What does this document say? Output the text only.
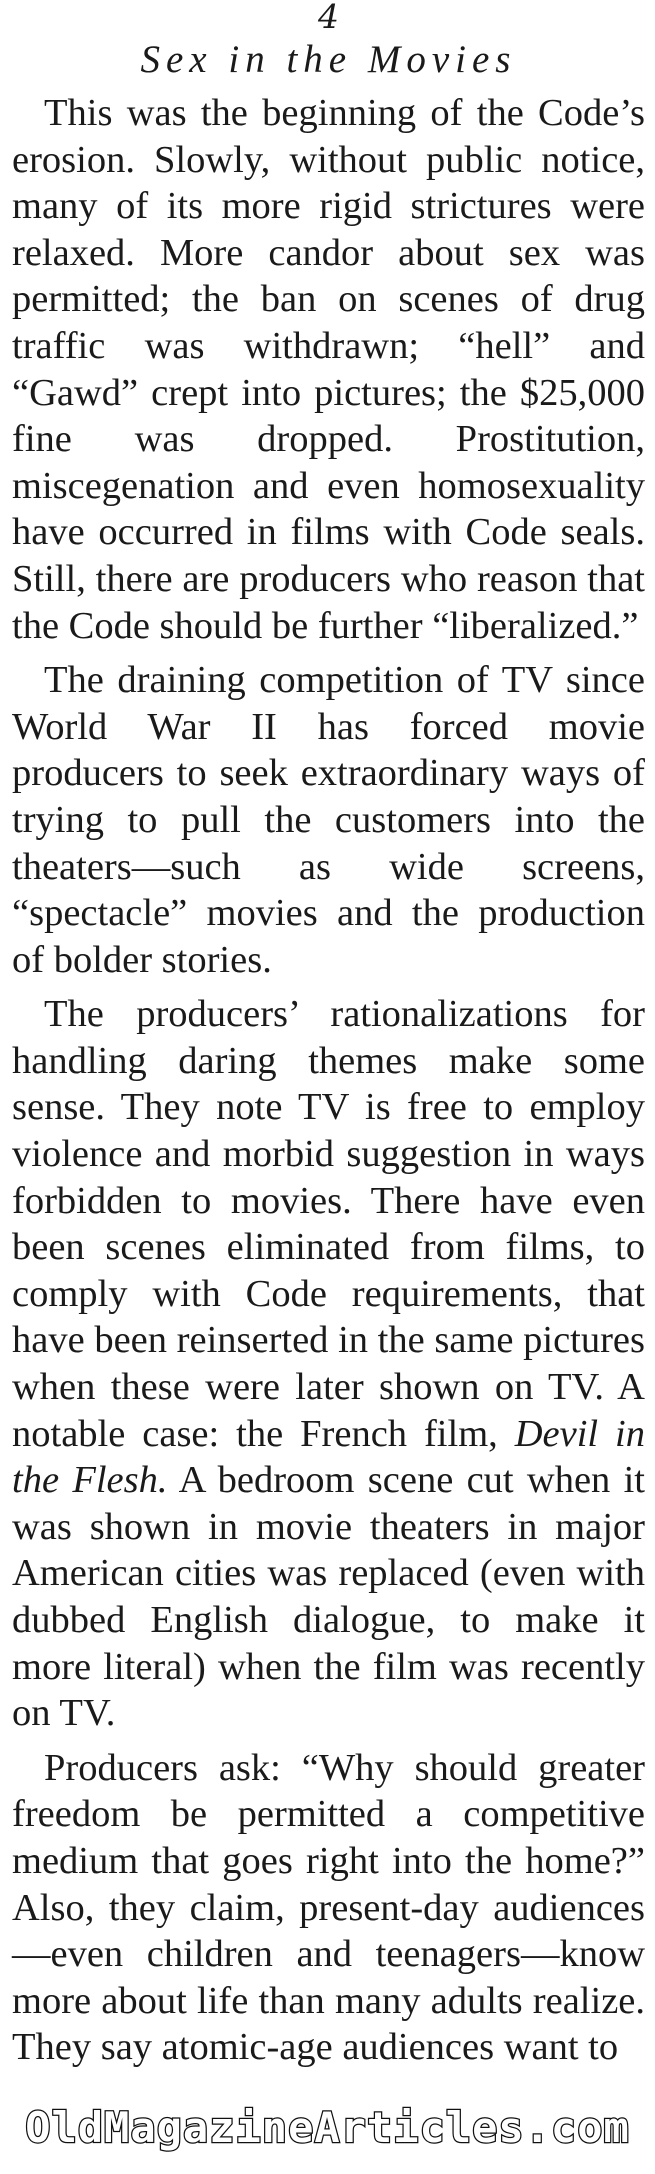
4
Sex in the Movies

This was the beginning of the Code’s erosion. Slowly, without public notice, many of its more rigid strictures were relaxed. More candor about sex was permitted; the ban on scenes of drug traffic was withdrawn; “hell” and “Gawd” crept into pictures; the $25,000 fine was dropped. Prostitution, miscegenation and even homosexuality have occurred in films with Code seals. Still, there are producers who reason that the Code should be further “liberalized.”

The draining competition of TV since World War II has forced movie producers to seek extraordinary ways of trying to pull the customers into the theaters—such as wide screens, “spectacle” movies and the production of bolder stories.

The producers’ rationalizations for handling daring themes make some sense. They note TV is free to employ violence and morbid suggestion in ways forbidden to movies. There have even been scenes eliminated from films, to comply with Code requirements, that have been reinserted in the same pictures when these were later shown on TV. A notable case: the French film, Devil in the Flesh. A bedroom scene cut when it was shown in movie theaters in major American cities was replaced (even with dubbed English dialogue, to make it more literal) when the film was recently on TV.

Producers ask: “Why should greater freedom be permitted a competitive medium that goes right into the home?” Also, they claim, present-day audiences—even children and teenagers—know more about life than many adults realize. They say atomic-age audiences want to

OldMagazineArticles.com
